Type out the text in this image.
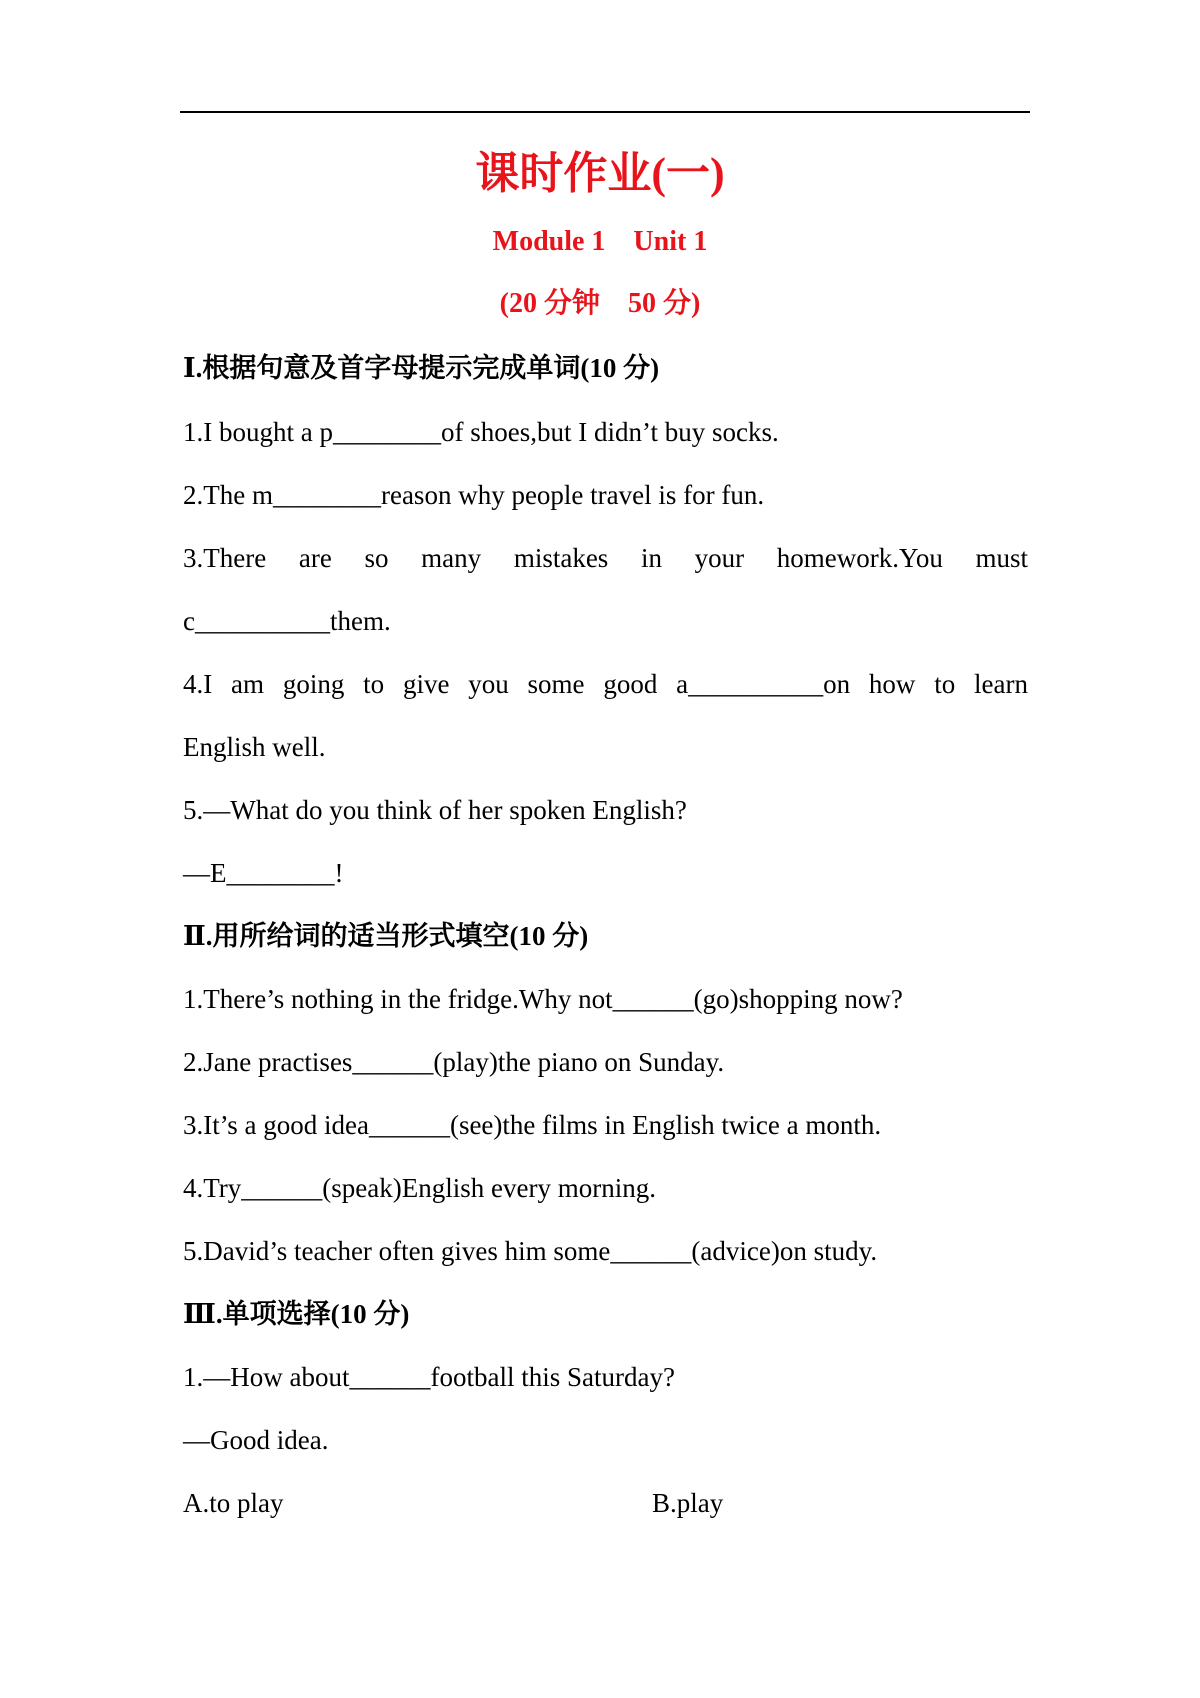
课时作业(一)
Module 1    Unit 1
(20 分钟    50 分)
Ⅰ.根据句意及首字母提示完成单词(10 分)
1.I bought a p________of shoes,but I didn’t buy socks.
2.The m________reason why people travel is for fun.
3.There are so many mistakes in your homework.You must
c__________them.
4.I am going to give you some good a__________on how to learn
English well.
5.—What do you think of her spoken English?
—E________!
Ⅱ.用所给词的适当形式填空(10 分)
1.There’s nothing in the fridge.Why not______(go)shopping now?
2.Jane practises______(play)the piano on Sunday.
3.It’s a good idea______(see)the films in English twice a month.
4.Try______(speak)English every morning.
5.David’s teacher often gives him some______(advice)on study.
Ⅲ.单项选择(10 分)
1.—How about______football this Saturday?
—Good idea.
A.to play	B.play
